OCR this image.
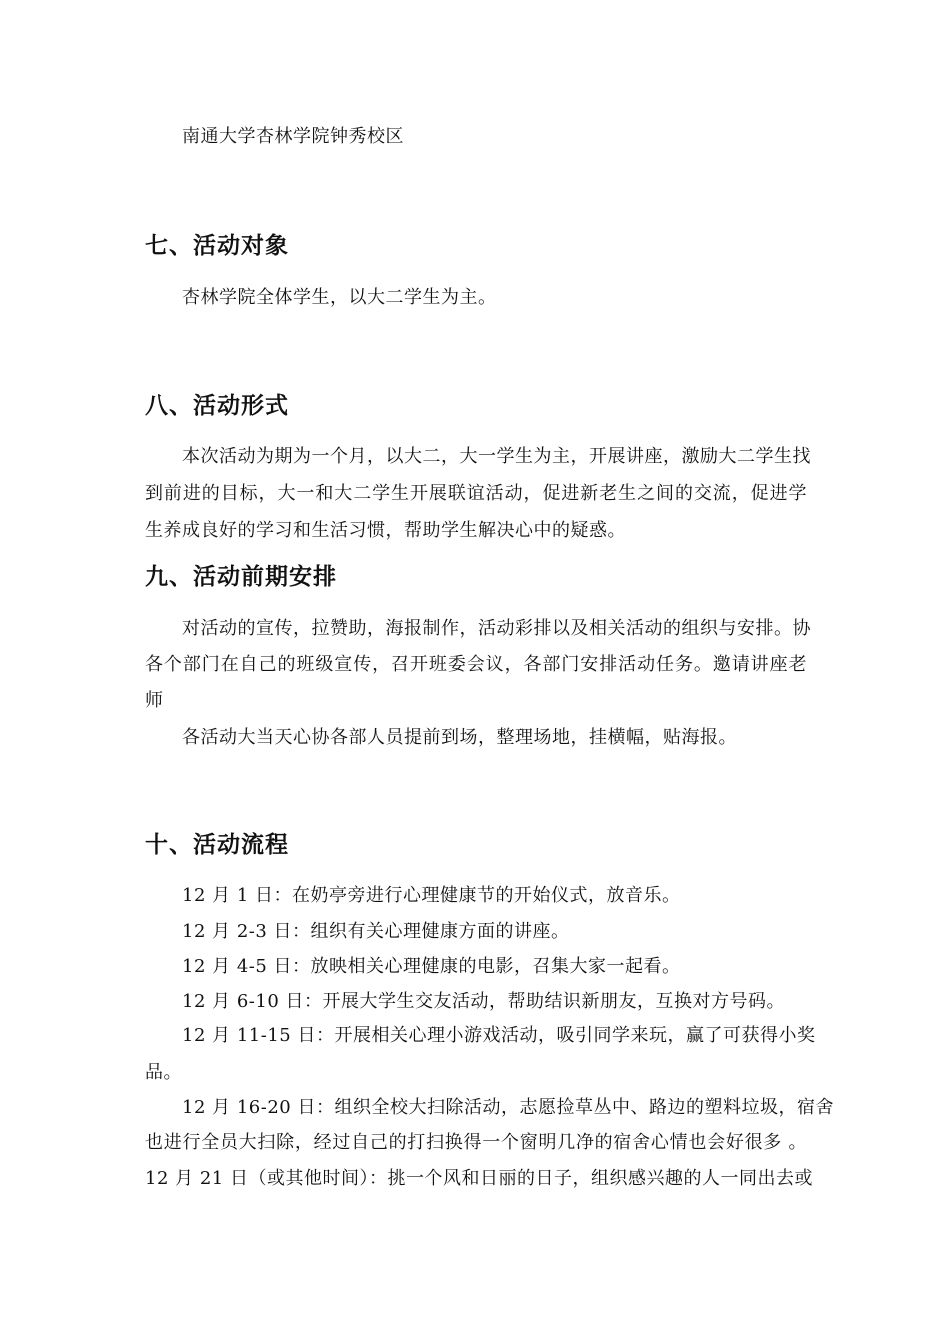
南通大学杏林学院钟秀校区
七、活动对象
杏林学院全体学生，以大二学生为主。
八、活动形式
本次活动为期为一个月，以大二，大一学生为主，开展讲座，激励大二学生找
到前进的目标，大一和大二学生开展联谊活动，促进新老生之间的交流，促进学
生养成良好的学习和生活习惯，帮助学生解决心中的疑惑。
九、活动前期安排
对活动的宣传，拉赞助，海报制作，活动彩排以及相关活动的组织与安排。协
各个部门在自己的班级宣传，召开班委会议，各部门安排活动任务。邀请讲座老
师
各活动大当天心协各部人员提前到场，整理场地，挂横幅，贴海报。
十、活动流程
12 月 1 日：在奶亭旁进行心理健康节的开始仪式，放音乐。
12 月 2-3 日：组织有关心理健康方面的讲座。
12 月 4-5 日：放映相关心理健康的电影，召集大家一起看。
12 月 6-10 日：开展大学生交友活动，帮助结识新朋友，互换对方号码。
12 月 11-15 日：开展相关心理小游戏活动，吸引同学来玩，赢了可获得小奖
品。
12 月 16-20 日：组织全校大扫除活动，志愿捡草丛中、路边的塑料垃圾，宿舍
也进行全员大扫除，经过自己的打扫换得一个窗明几净的宿舍心情也会好很多 。
12 月 21 日（或其他时间）：挑一个风和日丽的日子，组织感兴趣的人一同出去或
